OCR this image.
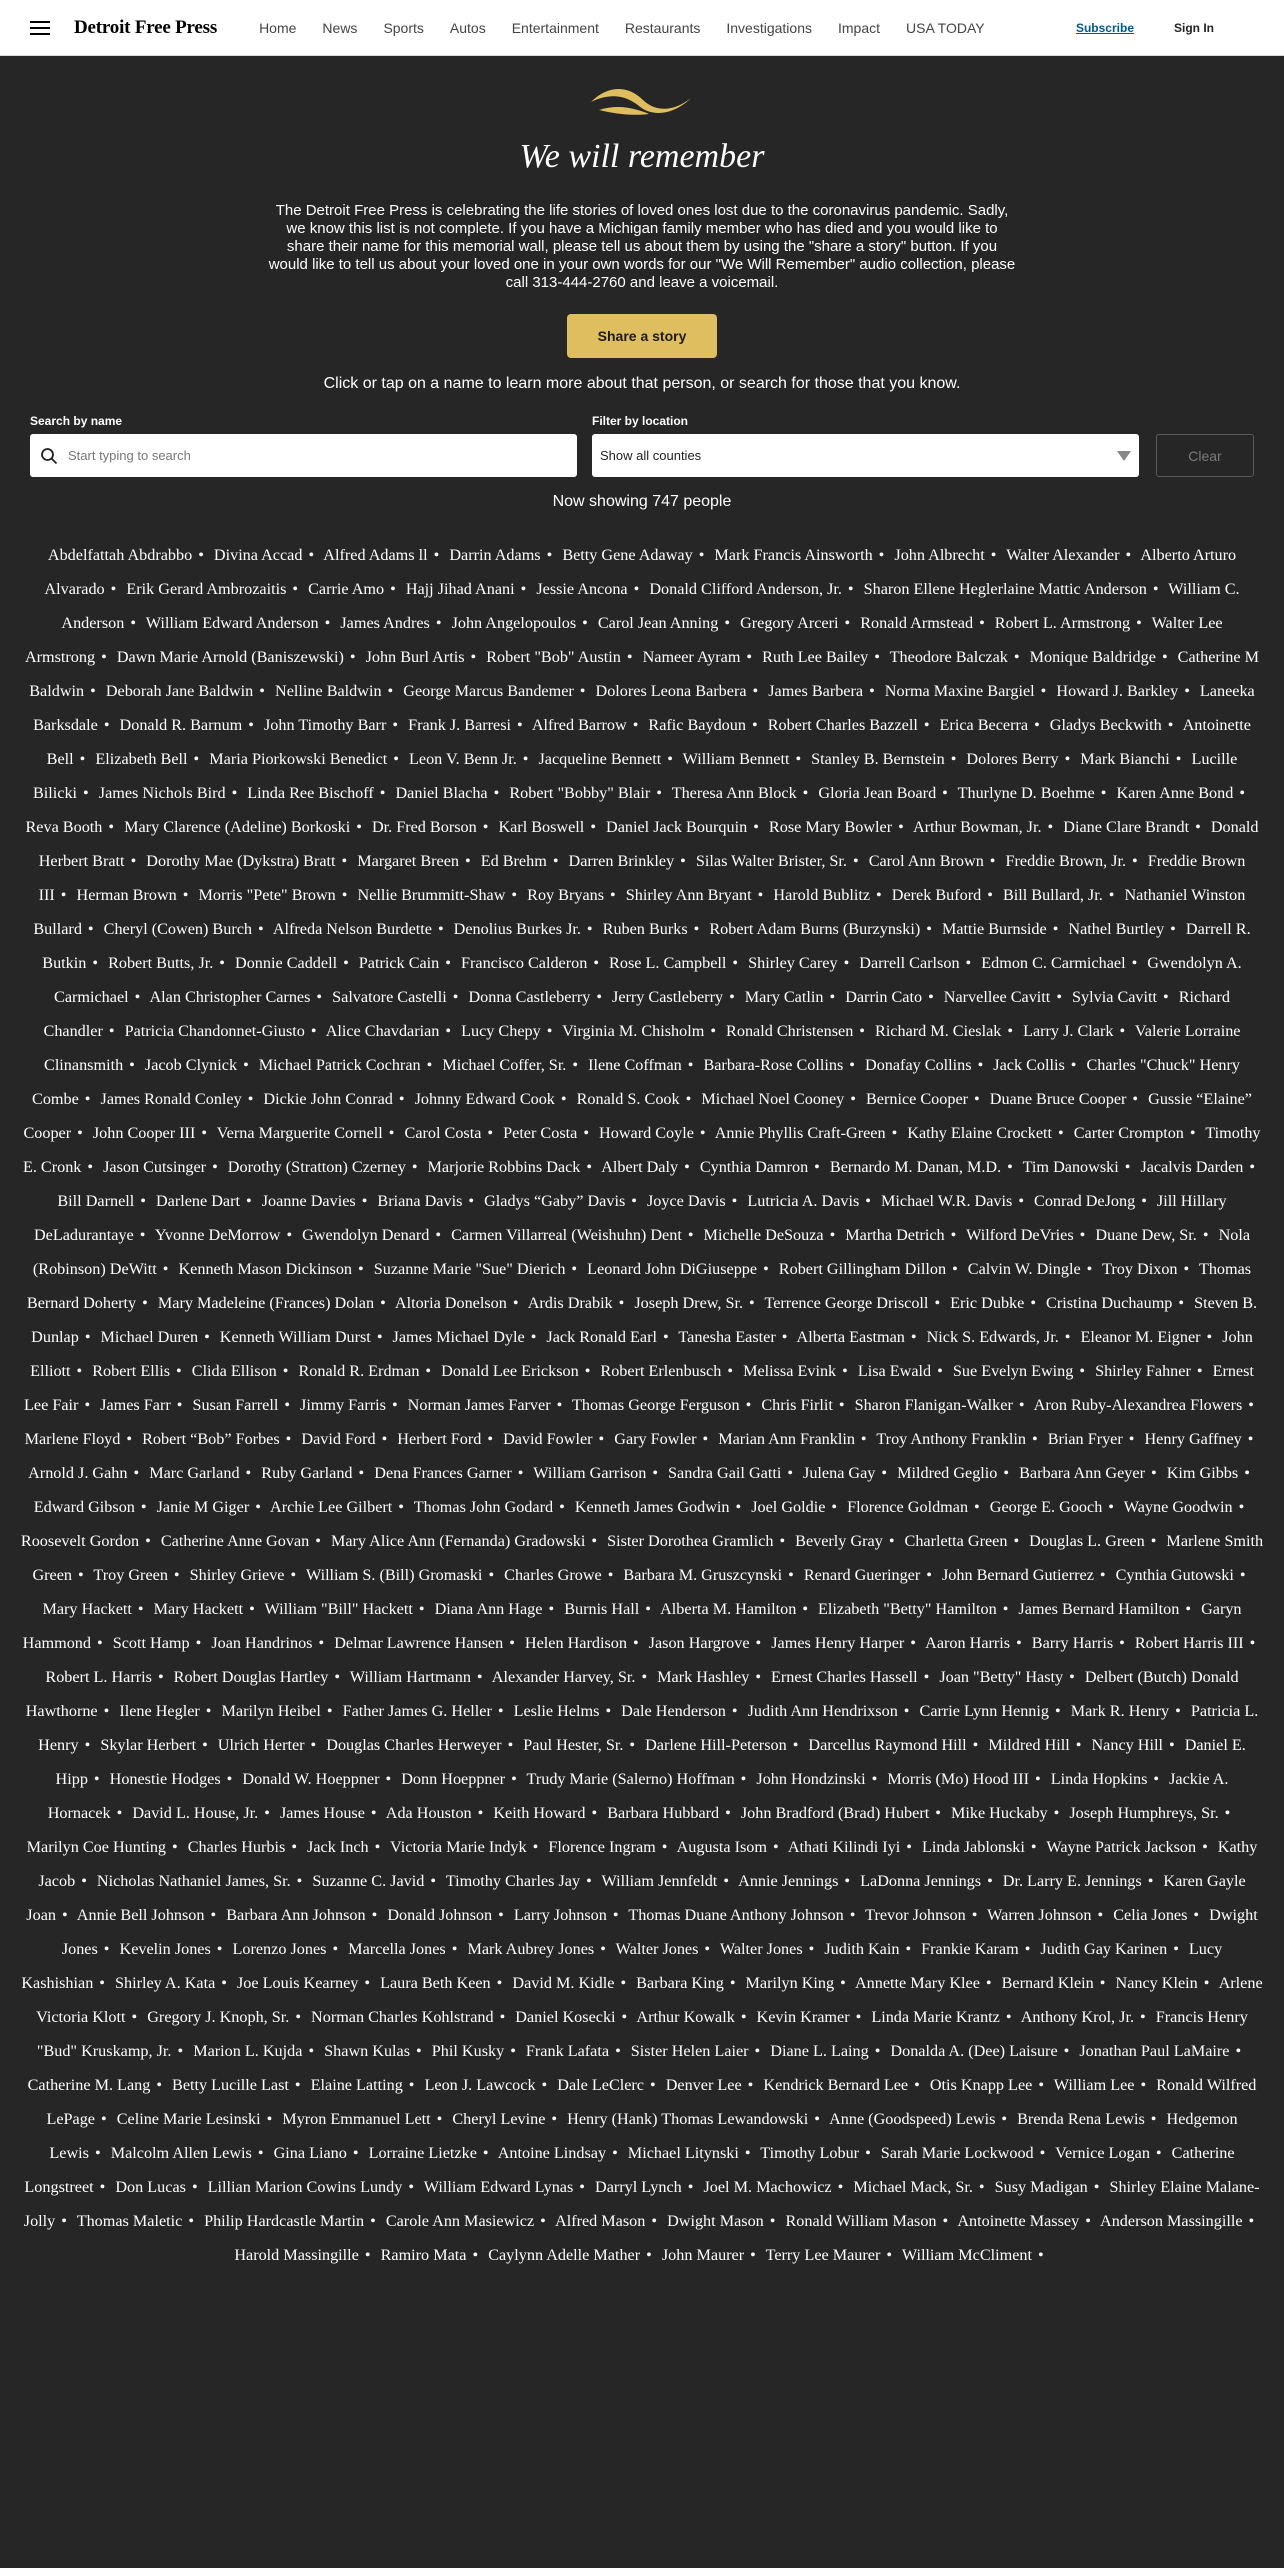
Detroit Free Press	Home News Sports Autos Entertainment Restaurants Investigations Impact USA TODAY	Subscribe	Sign In
We will remember

The Detroit Free Press is celebrating the life stories of loved ones lost due to the coronavirus pandemic. Sadly, we know this list is not complete. If you have a Michigan family member who has died and you would like to share their name for this memorial wall, please tell us about them by using the "share a story" button. If you would like to tell us about your loved one in your own words for our "We Will Remember" audio collection, please call 313-444-2760 and leave a voicemail.

Share a story

Click or tap on a name to learn more about that person, or search for those that you know.

Search by name
Start typing to search	Filter by location
Show all counties	Clear

Now showing 747 people

Abdelfattah Abdrabbo • Divina Accad • Alfred Adams ll • Darrin Adams • Betty Gene Adaway • Mark Francis Ainsworth • John Albrecht • Walter Alexander • Alberto Arturo Alvarado • Erik Gerard Ambrozaitis • Carrie Amo • Hajj Jihad Anani • Jessie Ancona • Donald Clifford Anderson, Jr. • Sharon Ellene Heglerlaine Mattic Anderson • William C. Anderson • William Edward Anderson • James Andres • John Angelopoulos • Carol Jean Anning • Gregory Arceri • Ronald Armstead • Robert L. Armstrong • Walter Lee Armstrong • Dawn Marie Arnold (Baniszewski) • John Burl Artis • Robert "Bob" Austin • Nameer Ayram • Ruth Lee Bailey • Theodore Balczak • Monique Baldridge • Catherine M Baldwin • Deborah Jane Baldwin • Nelline Baldwin • George Marcus Bandemer • Dolores Leona Barbera • James Barbera • Norma Maxine Bargiel • Howard J. Barkley • Laneeka Barksdale • Donald R. Barnum • John Timothy Barr • Frank J. Barresi • Alfred Barrow • Rafic Baydoun • Robert Charles Bazzell • Erica Becerra • Gladys Beckwith • Antoinette Bell • Elizabeth Bell • Maria Piorkowski Benedict • Leon V. Benn Jr. • Jacqueline Bennett • William Bennett • Stanley B. Bernstein • Dolores Berry • Mark Bianchi • Lucille Bilicki • James Nichols Bird • Linda Ree Bischoff • Daniel Blacha • Robert "Bobby" Blair • Theresa Ann Block • Gloria Jean Board • Thurlyne D. Boehme • Karen Anne Bond • Reva Booth • Mary Clarence (Adeline) Borkoski • Dr. Fred Borson • Karl Boswell • Daniel Jack Bourquin • Rose Mary Bowler • Arthur Bowman, Jr. • Diane Clare Brandt • Donald Herbert Bratt • Dorothy Mae (Dykstra) Bratt • Margaret Breen • Ed Brehm • Darren Brinkley • Silas Walter Brister, Sr. • Carol Ann Brown • Freddie Brown, Jr. • Freddie Brown III • Herman Brown • Morris "Pete" Brown • Nellie Brummitt-Shaw • Roy Bryans • Shirley Ann Bryant • Harold Bublitz • Derek Buford • Bill Bullard, Jr. • Nathaniel Winston Bullard • Cheryl (Cowen) Burch • Alfreda Nelson Burdette • Denolius Burkes Jr. • Ruben Burks • Robert Adam Burns (Burzynski) • Mattie Burnside • Nathel Burtley • Darrell R. Butkin • Robert Butts, Jr. • Donnie Caddell • Patrick Cain • Francisco Calderon • Rose L. Campbell • Shirley Carey • Darrell Carlson • Edmon C. Carmichael • Gwendolyn A. Carmichael • Alan Christopher Carnes • Salvatore Castelli • Donna Castleberry • Jerry Castleberry • Mary Catlin • Darrin Cato • Narvellee Cavitt • Sylvia Cavitt • Richard Chandler • Patricia Chandonnet-Giusto • Alice Chavdarian • Lucy Chepy • Virginia M. Chisholm • Ronald Christensen • Richard M. Cieslak • Larry J. Clark • Valerie Lorraine Clinansmith • Jacob Clynick • Michael Patrick Cochran • Michael Coffer, Sr. • Ilene Coffman • Barbara-Rose Collins • Donafay Collins • Jack Collis • Charles "Chuck" Henry Combe • James Ronald Conley • Dickie John Conrad • Johnny Edward Cook • Ronald S. Cook • Michael Noel Cooney • Bernice Cooper • Duane Bruce Cooper • Gussie “Elaine” Cooper • John Cooper III • Verna Marguerite Cornell • Carol Costa • Peter Costa • Howard Coyle • Annie Phyllis Craft-Green • Kathy Elaine Crockett • Carter Crompton • Timothy E. Cronk • Jason Cutsinger • Dorothy (Stratton) Czerney • Marjorie Robbins Dack • Albert Daly • Cynthia Damron • Bernardo M. Danan, M.D. • Tim Danowski • Jacalvis Darden • Bill Darnell • Darlene Dart • Joanne Davies • Briana Davis • Gladys “Gaby” Davis • Joyce Davis • Lutricia A. Davis • Michael W.R. Davis • Conrad DeJong • Jill Hillary DeLadurantaye • Yvonne DeMorrow • Gwendolyn Denard • Carmen Villarreal (Weishuhn) Dent • Michelle DeSouza • Martha Detrich • Wilford DeVries • Duane Dew, Sr. • Nola (Robinson) DeWitt • Kenneth Mason Dickinson • Suzanne Marie "Sue" Dierich • Leonard John DiGiuseppe • Robert Gillingham Dillon • Calvin W. Dingle • Troy Dixon • Thomas Bernard Doherty • Mary Madeleine (Frances) Dolan • Altoria Donelson • Ardis Drabik • Joseph Drew, Sr. • Terrence George Driscoll • Eric Dubke • Cristina Duchaump • Steven B. Dunlap • Michael Duren • Kenneth William Durst • James Michael Dyle • Jack Ronald Earl • Tanesha Easter • Alberta Eastman • Nick S. Edwards, Jr. • Eleanor M. Eigner • John Elliott • Robert Ellis • Clida Ellison • Ronald R. Erdman • Donald Lee Erickson • Robert Erlenbusch • Melissa Evink • Lisa Ewald • Sue Evelyn Ewing • Shirley Fahner • Ernest Lee Fair • James Farr • Susan Farrell • Jimmy Farris • Norman James Farver • Thomas George Ferguson • Chris Firlit • Sharon Flanigan-Walker • Aron Ruby-Alexandrea Flowers • Marlene Floyd • Robert “Bob” Forbes • David Ford • Herbert Ford • David Fowler • Gary Fowler • Marian Ann Franklin • Troy Anthony Franklin • Brian Fryer • Henry Gaffney • Arnold J. Gahn • Marc Garland • Ruby Garland • Dena Frances Garner • William Garrison • Sandra Gail Gatti • Julena Gay • Mildred Geglio • Barbara Ann Geyer • Kim Gibbs • Edward Gibson • Janie M Giger • Archie Lee Gilbert • Thomas John Godard • Kenneth James Godwin • Joel Goldie • Florence Goldman • George E. Gooch • Wayne Goodwin • Roosevelt Gordon • Catherine Anne Govan • Mary Alice Ann (Fernanda) Gradowski • Sister Dorothea Gramlich • Beverly Gray • Charletta Green • Douglas L. Green • Marlene Smith Green • Troy Green • Shirley Grieve • William S. (Bill) Gromaski • Charles Growe • Barbara M. Gruszcynski • Renard Gueringer • John Bernard Gutierrez • Cynthia Gutowski • Mary Hackett • Mary Hackett • William "Bill" Hackett • Diana Ann Hage • Burnis Hall • Alberta M. Hamilton • Elizabeth "Betty" Hamilton • James Bernard Hamilton • Garyn Hammond • Scott Hamp • Joan Handrinos • Delmar Lawrence Hansen • Helen Hardison • Jason Hargrove • James Henry Harper • Aaron Harris • Barry Harris • Robert Harris III • Robert L. Harris • Robert Douglas Hartley • William Hartmann • Alexander Harvey, Sr. • Mark Hashley • Ernest Charles Hassell • Joan "Betty" Hasty • Delbert (Butch) Donald Hawthorne • Ilene Hegler • Marilyn Heibel • Father James G. Heller • Leslie Helms • Dale Henderson • Judith Ann Hendrixson • Carrie Lynn Hennig • Mark R. Henry • Patricia L. Henry • Skylar Herbert • Ulrich Herter • Douglas Charles Herweyer • Paul Hester, Sr. • Darlene Hill-Peterson • Darcellus Raymond Hill • Mildred Hill • Nancy Hill • Daniel E. Hipp • Honestie Hodges • Donald W. Hoeppner • Donn Hoeppner • Trudy Marie (Salerno) Hoffman • John Hondzinski • Morris (Mo) Hood III • Linda Hopkins • Jackie A. Hornacek • David L. House, Jr. • James House • Ada Houston • Keith Howard • Barbara Hubbard • John Bradford (Brad) Hubert • Mike Huckaby • Joseph Humphreys, Sr. • Marilyn Coe Hunting • Charles Hurbis • Jack Inch • Victoria Marie Indyk • Florence Ingram • Augusta Isom • Athati Kilindi Iyi • Linda Jablonski • Wayne Patrick Jackson • Kathy Jacob • Nicholas Nathaniel James, Sr. • Suzanne C. Javid • Timothy Charles Jay • William Jennfeldt • Annie Jennings • LaDonna Jennings • Dr. Larry E. Jennings • Karen Gayle Joan • Annie Bell Johnson • Barbara Ann Johnson • Donald Johnson • Larry Johnson • Thomas Duane Anthony Johnson • Trevor Johnson • Warren Johnson • Celia Jones • Dwight Jones • Kevelin Jones • Lorenzo Jones • Marcella Jones • Mark Aubrey Jones • Walter Jones • Walter Jones • Judith Kain • Frankie Karam • Judith Gay Karinen • Lucy Kashishian • Shirley A. Kata • Joe Louis Kearney • Laura Beth Keen • David M. Kidle • Barbara King • Marilyn King • Annette Mary Klee • Bernard Klein • Nancy Klein • Arlene Victoria Klott • Gregory J. Knoph, Sr. • Norman Charles Kohlstrand • Daniel Kosecki • Arthur Kowalk • Kevin Kramer • Linda Marie Krantz • Anthony Krol, Jr. • Francis Henry "Bud" Kruskamp, Jr. • Marion L. Kujda • Shawn Kulas • Phil Kusky • Frank Lafata • Sister Helen Laier • Diane L. Laing • Donalda A. (Dee) Laisure • Jonathan Paul LaMaire • Catherine M. Lang • Betty Lucille Last • Elaine Latting • Leon J. Lawcock • Dale LeClerc • Denver Lee • Kendrick Bernard Lee • Otis Knapp Lee • William Lee • Ronald Wilfred LePage • Celine Marie Lesinski • Myron Emmanuel Lett • Cheryl Levine • Henry (Hank) Thomas Lewandowski • Anne (Goodspeed) Lewis • Brenda Rena Lewis • Hedgemon Lewis • Malcolm Allen Lewis • Gina Liano • Lorraine Lietzke • Antoine Lindsay • Michael Litynski • Timothy Lobur • Sarah Marie Lockwood • Vernice Logan • Catherine Longstreet • Don Lucas • Lillian Marion Cowins Lundy • William Edward Lynas • Darryl Lynch • Joel M. Machowicz • Michael Mack, Sr. • Susy Madigan • Shirley Elaine Malane-Jolly • Thomas Maletic • Philip Hardcastle Martin • Carole Ann Masiewicz • Alfred Mason • Dwight Mason • Ronald William Mason • Antoinette Massey • Anderson Massingille • Harold Massingille • Ramiro Mata • Caylynn Adelle Mather • John Maurer • Terry Lee Maurer • William McCliment •
